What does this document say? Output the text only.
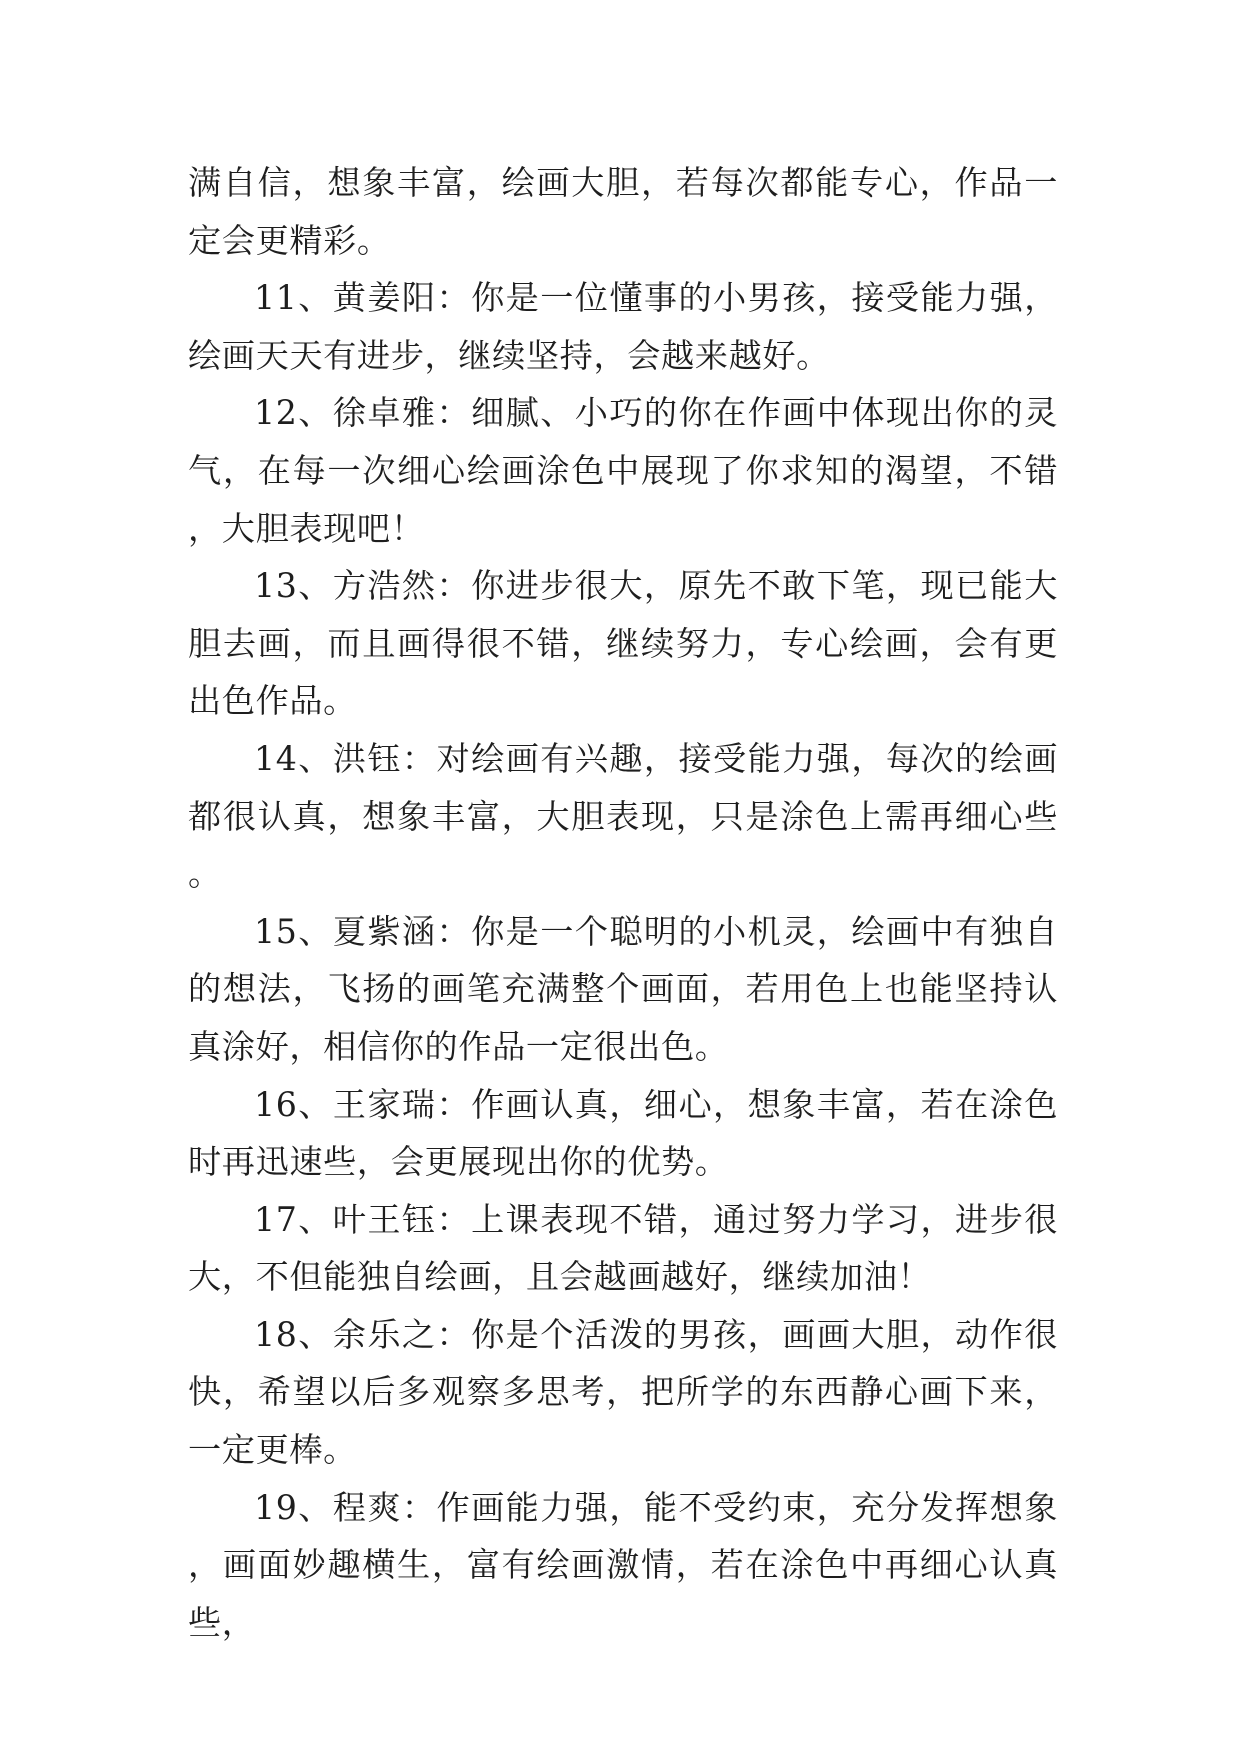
满自信，想象丰富，绘画大胆，若每次都能专心，作品一定会更精彩。

11、黄姜阳：你是一位懂事的小男孩，接受能力强，绘画天天有进步，继续坚持，会越来越好。

12、徐卓雅：细腻、小巧的你在作画中体现出你的灵气，在每一次细心绘画涂色中展现了你求知的渴望，不错，大胆表现吧！

13、方浩然：你进步很大，原先不敢下笔，现已能大胆去画，而且画得很不错，继续努力，专心绘画，会有更出色作品。

14、洪钰：对绘画有兴趣，接受能力强，每次的绘画都很认真，想象丰富，大胆表现，只是涂色上需再细心些。

15、夏紫涵：你是一个聪明的小机灵，绘画中有独自的想法，飞扬的画笔充满整个画面，若用色上也能坚持认真涂好，相信你的作品一定很出色。

16、王家瑞：作画认真，细心，想象丰富，若在涂色时再迅速些，会更展现出你的优势。

17、叶王钰：上课表现不错，通过努力学习，进步很大，不但能独自绘画，且会越画越好，继续加油！

18、余乐之：你是个活泼的男孩，画画大胆，动作很快，希望以后多观察多思考，把所学的东西静心画下来，一定更棒。

19、程爽：作画能力强，能不受约束，充分发挥想象，画面妙趣横生，富有绘画激情，若在涂色中再细心认真些，
